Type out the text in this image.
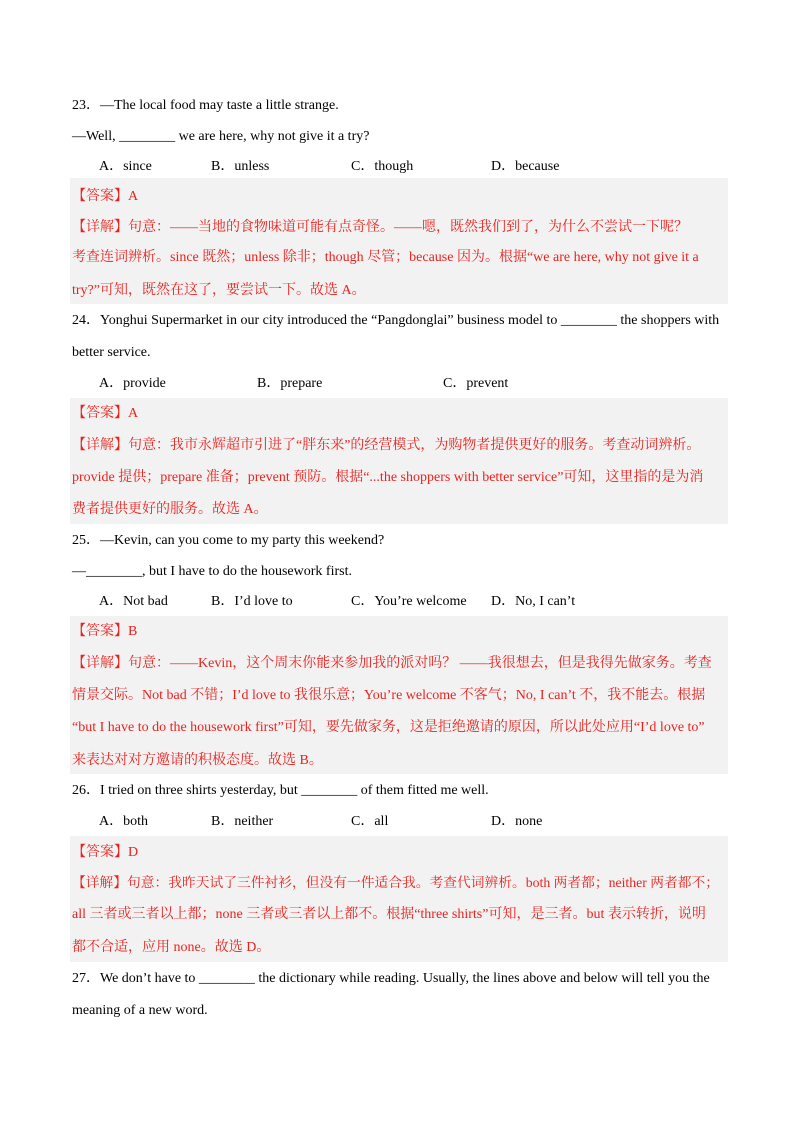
23．—The local food may taste a little strange.
—Well, ________ we are here, why not give it a try?
A．since	B．unless	C．though	D．because
【答案】A
【详解】句意：——当地的食物味道可能有点奇怪。——嗯，既然我们到了，为什么不尝试一下呢？
考查连词辨析。since 既然；unless 除非；though 尽管；because 因为。根据“we are here, why not give it a
try?”可知，既然在这了，要尝试一下。故选 A。
24．Yonghui Supermarket in our city introduced the “Pangdonglai” business model to ________ the shoppers with
better service.
A．provide	B．prepare	C．prevent
【答案】A
【详解】句意：我市永辉超市引进了“胖东来”的经营模式，为购物者提供更好的服务。考查动词辨析。
provide 提供；prepare 准备；prevent 预防。根据“...the shoppers with better service”可知，这里指的是为消
费者提供更好的服务。故选 A。
25．—Kevin, can you come to my party this weekend?
—________, but I have to do the housework first.
A．Not bad	B．I’d love to	C．You’re welcome D．No, I can’t
【答案】B
【详解】句意：——Kevin，这个周末你能来参加我的派对吗？ ——我很想去，但是我得先做家务。考查
情景交际。Not bad 不错；I’d love to 我很乐意；You’re welcome 不客气；No, I can’t 不，我不能去。根据
“but I have to do the housework first”可知，要先做家务，这是拒绝邀请的原因，所以此处应用“I’d love to”
来表达对对方邀请的积极态度。故选 B。
26．I tried on three shirts yesterday, but ________ of them fitted me well.
A．both	B．neither	C．all	D．none
【答案】D
【详解】句意：我昨天试了三件衬衫，但没有一件适合我。考查代词辨析。both 两者都；neither 两者都不；
all 三者或三者以上都；none 三者或三者以上都不。根据“three shirts”可知，是三者。but 表示转折，说明
都不合适，应用 none。故选 D。
27．We don’t have to ________ the dictionary while reading. Usually, the lines above and below will tell you the
meaning of a new word.
